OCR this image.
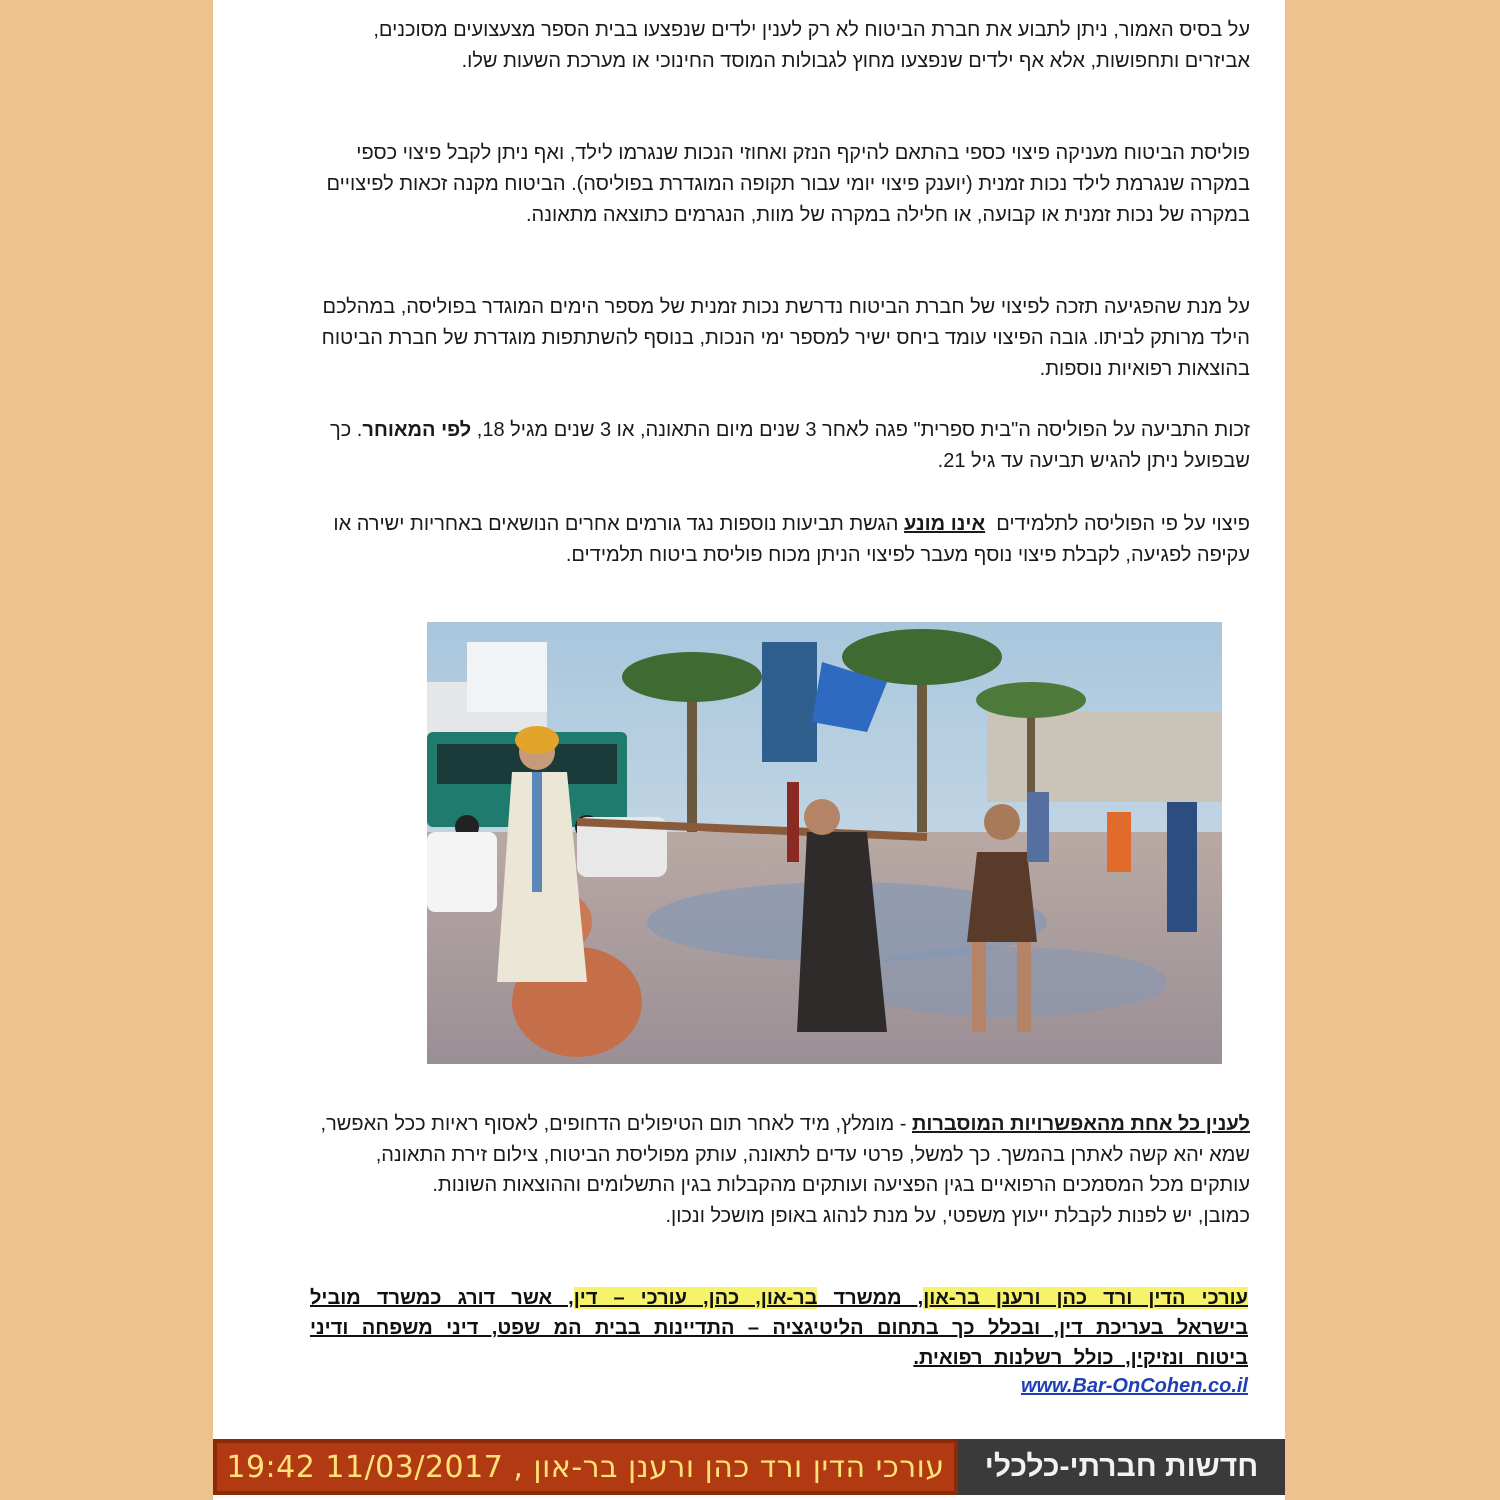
על בסיס האמור, ניתן לתבוע את חברת הביטוח לא רק לענין ילדים שנפצעו בבית הספר מצעצועים מסוכנים, אביזרים ותחפושות, אלא אף ילדים שנפצעו מחוץ לגבולות המוסד החינוכי או מערכת השעות שלו.

פוליסת הביטוח מעניקה פיצוי כספי בהתאם להיקף הנזק ואחוזי הנכות שנגרמו לילד, ואף ניתן לקבל פיצוי כספי במקרה שנגרמת לילד נכות זמנית (יוענק פיצוי יומי עבור תקופה המוגדרת בפוליסה). הביטוח מקנה זכאות לפיצויים במקרה של נכות זמנית או קבועה, או חלילה במקרה של מוות, הנגרמים כתוצאה מתאונה.

על מנת שהפגיעה תזכה לפיצוי של חברת הביטוח נדרשת נכות זמנית של מספר הימים המוגדר בפוליסה, במהלכם הילד מרותק לביתו. גובה הפיצוי עומד ביחס ישיר למספר ימי הנכות, בנוסף להשתתפות מוגדרת של חברת הביטוח בהוצאות רפואיות נוספות.

זכות התביעה על הפוליסה ה"בית ספרית" פגה לאחר 3 שנים מיום התאונה, או 3 שנים מגיל 18, לפי המאוחר. כך שבפועל ניתן להגיש תביעה עד גיל 21.

פיצוי על פי הפוליסה לתלמידים  אינו מונע הגשת תביעות נוספות נגד גורמים אחרים הנושאים באחריות ישירה או עקיפה לפגיעה, לקבלת פיצוי נוסף מעבר לפיצוי הניתן מכוח פוליסת ביטוח תלמידים.

לענין כל אחת מהאפשרויות המוסברות - מומלץ, מיד לאחר תום הטיפולים הדחופים, לאסוף ראיות ככל האפשר, שמא יהא קשה לאתרן בהמשך. כך למשל, פרטי עדים לתאונה, עותק מפוליסת הביטוח, צילום זירת התאונה, עותקים מכל המסמכים הרפואיים בגין הפציעה ועותקים מהקבלות בגין התשלומים וההוצאות השונות.

כמובן, יש לפנות לקבלת ייעוץ משפטי, על מנת לנהוג באופן מושכל ונכון.

עורכי הדין ורד כהן ורענן בר-און, ממשרד בר-און, כהן, עורכי – דין, אשר דורג כמשרד מוביל בישראל בעריכת דין, ובכלל כך בתחום הליטיגציה – התדיינות בבית המ שפט, דיני משפחה ודיני ביטוח ונזיקין, כולל רשלנות רפואית.
www.Bar-OnCohen.co.il
עורכי הדין ורד כהן ורענן בר-און , 11/03/2017 19:42 חדשות חברתי-כלכלי
